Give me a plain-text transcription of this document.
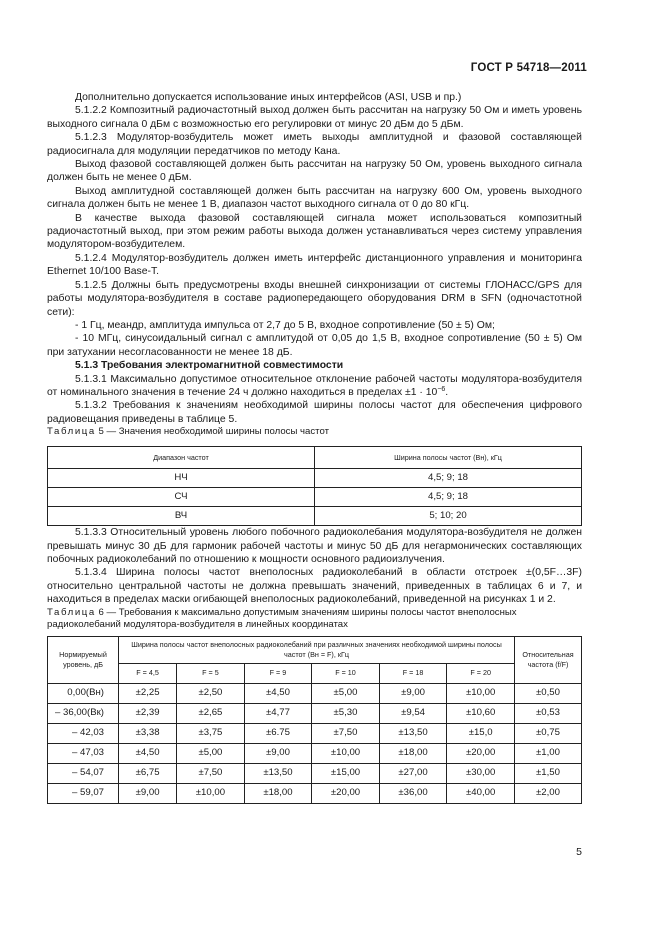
ГОСТ Р 54718—2011

Дополнительно допускается использование иных интерфейсов (ASI, USB и пр.)

5.1.2.2 Композитный радиочастотный выход должен быть рассчитан на нагрузку 50 Ом и иметь уровень выходного сигнала 0 дБм с возможностью его регулировки от минус 20 дБм до 5 дБм.

5.1.2.3 Модулятор-возбудитель может иметь выходы амплитудной и фазовой составляющей радиосигнала для модуляции передатчиков по методу Кана.

Выход фазовой составляющей должен быть рассчитан на нагрузку 50 Ом, уровень выходного сигнала должен быть не менее 0 дБм.

Выход амплитудной составляющей должен быть рассчитан на нагрузку 600 Ом, уровень выходного сигнала должен быть не менее 1 В, диапазон частот выходного сигнала от 0 до 80 кГц.

В качестве выхода фазовой составляющей сигнала может использоваться композитный радиочастотный выход, при этом режим работы выхода должен устанавливаться через систему управления модулятором-возбудителем.

5.1.2.4 Модулятор-возбудитель должен иметь интерфейс дистанционного управления и мониторинга Ethernet 10/100 Base-T.

5.1.2.5 Должны быть предусмотрены входы внешней синхронизации от системы ГЛОНАСС/GPS для работы модулятора-возбудителя в составе радиопередающего оборудования DRM в SFN (одночастотной сети):

- 1 Гц, меандр, амплитуда импульса от 2,7 до 5 В, входное сопротивление (50 ± 5) Ом;

- 10 МГц, синусоидальный сигнал с амплитудой от 0,05 до 1,5 В, входное сопротивление (50 ± 5) Ом при затухании несогласованности не менее 18 дБ.

5.1.3 Требования электромагнитной совместимости

5.1.3.1 Максимально допустимое относительное отклонение рабочей частоты модулятора-возбудителя от номинального значения в течение 24 ч должно находиться в пределах $\pm 1 \cdot 10^{-6}$.

5.1.3.2 Требования к значениям необходимой ширины полосы частот для обеспечения цифрового радиовещания приведены в таблице 5.

Таблица 5 — Значения необходимой ширины полосы частот

Диапазон частот	Ширина полосы частот (Вн), кГц
НЧ	4,5; 9; 18
СЧ	4,5; 9; 18
ВЧ	5; 10; 20

5.1.3.3 Относительный уровень любого побочного радиоколебания модулятора-возбудителя не должен превышать минус 30 дБ для гармоник рабочей частоты и минус 50 дБ для негармонических составляющих побочных радиоколебаний по отношению к мощности основного радиоизлучения.

5.1.3.4 Ширина полосы частот внеполосных радиоколебаний в области отстроек ±(0,5F…3F) относительно центральной частоты не должна превышать значений, приведенных в таблицах 6 и 7, и находиться в пределах маски огибающей внеполосных радиоколебаний, приведенной на рисунках 1 и 2.

Таблица 6 — Требования к максимально допустимым значениям ширины полосы частот внеполосных радиоколебаний модулятора-возбудителя в линейных координатах

Нормируемый уровень, дБ	Ширина полосы частот внеполосных радиоколебаний при различных значениях необходимой ширины полосы частот (Вн = F), кГц						Относительная частота (f/F)
	F = 4,5	F = 5	F = 9	F = 10	F = 18	F = 20	
0,00(Вн)	±2,25	±2,50	±4,50	±5,00	±9,00	±10,00	±0,50
– 36,00(Вк)	±2,39	±2,65	±4,77	±5,30	±9,54	±10,60	±0,53
– 42,03	±3,38	±3,75	±6.75	±7,50	±13,50	±15,0	±0,75
– 47,03	±4,50	±5,00	±9,00	±10,00	±18,00	±20,00	±1,00
– 54,07	±6,75	±7,50	±13,50	±15,00	±27,00	±30,00	±1,50
– 59,07	±9,00	±10,00	±18,00	±20,00	±36,00	±40,00	±2,00
5
